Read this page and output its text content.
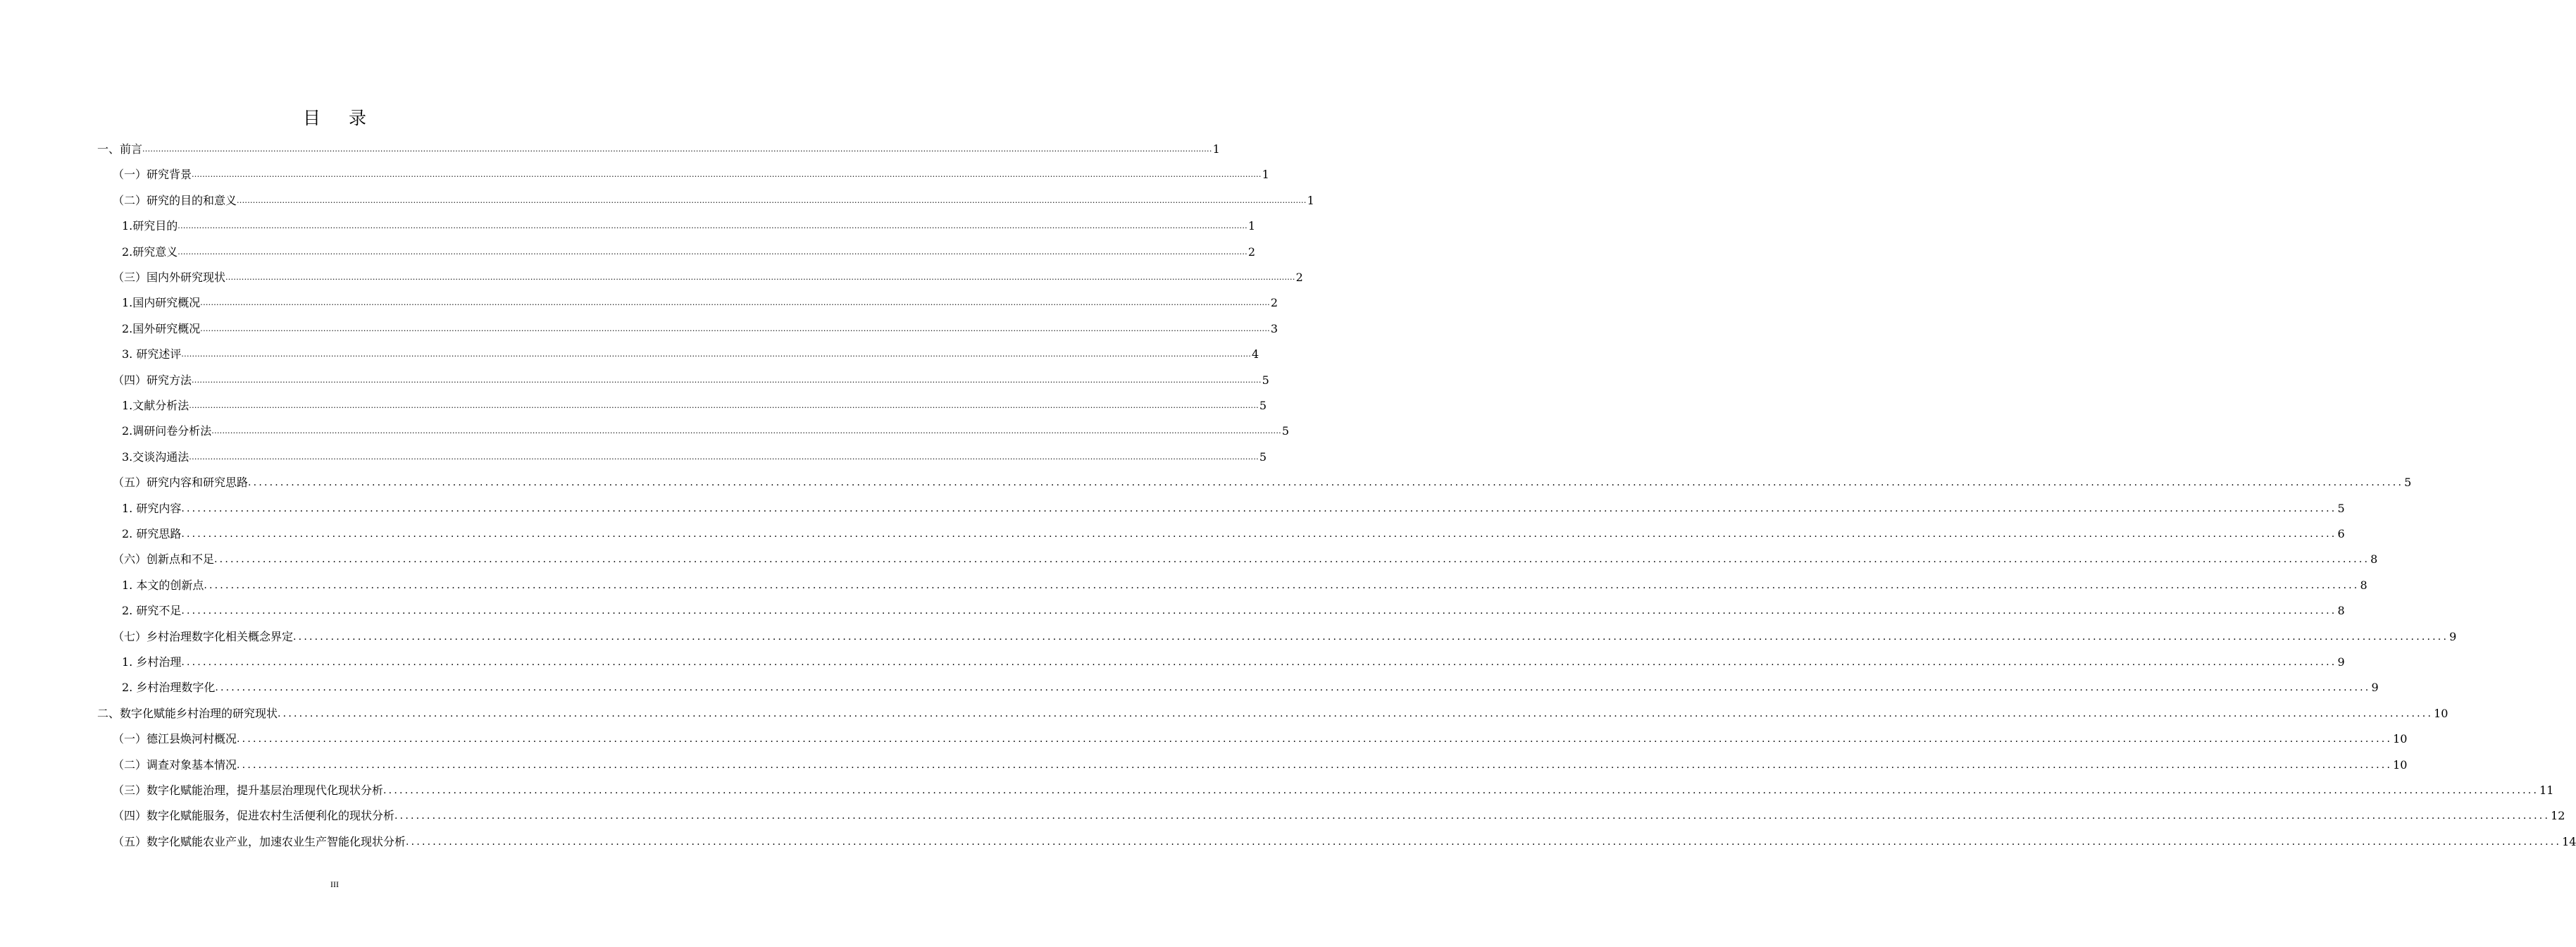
目 录
一、前言 ................................................................................................................................................................................................................................................................................................................................................................................................................ 1
（一）研究背景 ................................................................................................................................................................................................................................................................................................................................................................................................................ 1
（二）研究的目的和意义 ................................................................................................................................................................................................................................................................................................................................................................................................................ 1
1.研究目的 ................................................................................................................................................................................................................................................................................................................................................................................................................ 1
2.研究意义 ................................................................................................................................................................................................................................................................................................................................................................................................................ 2
（三）国内外研究现状 ................................................................................................................................................................................................................................................................................................................................................................................................................ 2
1.国内研究概况 ................................................................................................................................................................................................................................................................................................................................................................................................................ 2
2.国外研究概况 ................................................................................................................................................................................................................................................................................................................................................................................................................ 3
3. 研究述评 ................................................................................................................................................................................................................................................................................................................................................................................................................ 4
（四）研究方法 ................................................................................................................................................................................................................................................................................................................................................................................................................ 5
1.文献分析法 ................................................................................................................................................................................................................................................................................................................................................................................................................ 5
2.调研问卷分析法 ................................................................................................................................................................................................................................................................................................................................................................................................................ 5
3.交谈沟通法 ................................................................................................................................................................................................................................................................................................................................................................................................................ 5
（五）研究内容和研究思路 ................................................................................................................................................................................................................................................................................................................................................................................................................ 5
1. 研究内容 ................................................................................................................................................................................................................................................................................................................................................................................................................ 5
2. 研究思路 ................................................................................................................................................................................................................................................................................................................................................................................................................ 6
（六）创新点和不足 ................................................................................................................................................................................................................................................................................................................................................................................................................ 8
1. 本文的创新点 ................................................................................................................................................................................................................................................................................................................................................................................................................ 8
2. 研究不足 ................................................................................................................................................................................................................................................................................................................................................................................................................ 8
（七）乡村治理数字化相关概念界定 ................................................................................................................................................................................................................................................................................................................................................................................................................ 9
1. 乡村治理 ................................................................................................................................................................................................................................................................................................................................................................................................................ 9
2. 乡村治理数字化 ................................................................................................................................................................................................................................................................................................................................................................................................................ 9
二、数字化赋能乡村治理的研究现状 ................................................................................................................................................................................................................................................................................................................................................................................................................ 10
（一）德江县焕河村概况 ................................................................................................................................................................................................................................................................................................................................................................................................................ 10
（二）调查对象基本情况 ................................................................................................................................................................................................................................................................................................................................................................................................................ 10
（三）数字化赋能治理，提升基层治理现代化现状分析 ................................................................................................................................................................................................................................................................................................................................................................................................................ 11
（四）数字化赋能服务，促进农村生活便利化的现状分析 ................................................................................................................................................................................................................................................................................................................................................................................................................ 12
（五）数字化赋能农业产业，加速农业生产智能化现状分析 ................................................................................................................................................................................................................................................................................................................................................................................................................ 14
III
